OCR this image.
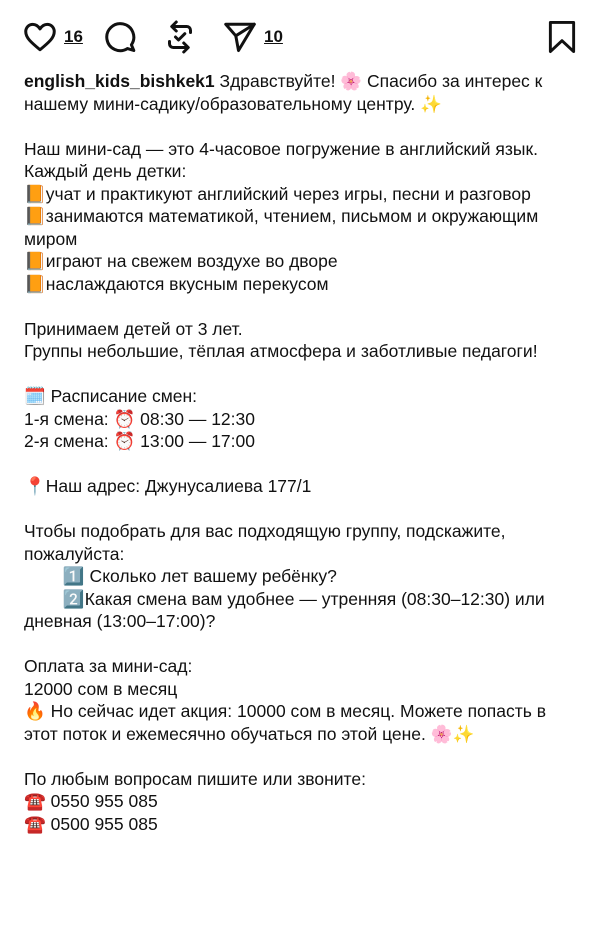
16	10

english_kids_bishkek1 Здравствуйте! 🌸 Спасибо за интерес к нашему мини-садику/образовательному центру. ✨

Наш мини-сад — это 4-часовое погружение в английский язык. Каждый день детки:
📙учат и практикуют английский через игры, песни и разговор
📙занимаются математикой, чтением, письмом и окружающим миром
📙играют на свежем воздухе во дворе
📙наслаждаются вкусным перекусом

Принимаем детей от 3 лет.
Группы небольшие, тёплая атмосфера и заботливые педагоги!

🗓️ Расписание смен:
1-я смена: ⏰ 08:30 — 12:30
2-я смена: ⏰ 13:00 — 17:00

📍Наш адрес: Джунусалиева 177/1

Чтобы подобрать для вас подходящую группу, подскажите, пожалуйста:
1️⃣ Сколько лет вашему ребёнку?
2️⃣Какая смена вам удобнее — утренняя (08:30–12:30) или дневная (13:00–17:00)?

Оплата за мини-сад:
12000 сом в месяц
🔥 Но сейчас идет акция: 10000 сом в месяц. Можете попасть в этот поток и ежемесячно обучаться по этой цене. 🌸✨

По любым вопросам пишите или звоните:
☎️ 0550 955 085
☎️ 0500 955 085
